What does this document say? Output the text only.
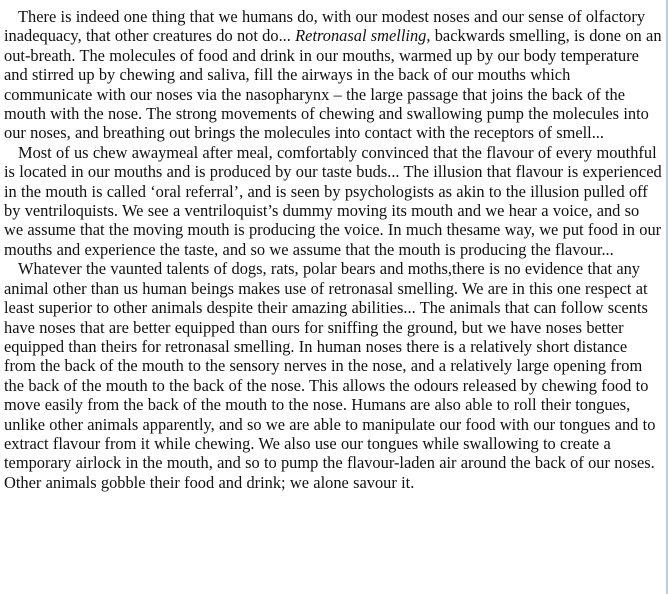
There is indeed one thing that we humans do, with our modest noses and our sense of olfactory inadequacy, that other creatures do not do... Retronasal smelling, backwards smelling, is done on an out-breath. The molecules of food and drink in our mouths, warmed up by our body temperature and stirred up by chewing and saliva, fill the airways in the back of our mouths which communicate with our noses via the nasopharynx – the large passage that joins the back of the mouth with the nose. The strong movements of chewing and swallowing pump the molecules into our noses, and breathing out brings the molecules into contact with the receptors of smell...

Most of us chew awaymeal after meal, comfortably convinced that the flavour of every mouthful is located in our mouths and is produced by our taste buds... The illusion that flavour is experienced in the mouth is called ‘oral referral’, and is seen by psychologists as akin to the illusion pulled off by ventriloquists. We see a ventriloquist’s dummy moving its mouth and we hear a voice, and so we assume that the moving mouth is producing the voice. In much thesame way, we put food in our mouths and experience the taste, and so we assume that the mouth is producing the flavour...

Whatever the vaunted talents of dogs, rats, polar bears and moths,there is no evidence that any animal other than us human beings makes use of retronasal smelling. We are in this one respect at least superior to other animals despite their amazing abilities... The animals that can follow scents have noses that are better equipped than ours for sniffing the ground, but we have noses better equipped than theirs for retronasal smelling. In human noses there is a relatively short distance from the back of the mouth to the sensory nerves in the nose, and a relatively large opening from the back of the mouth to the back of the nose. This allows the odours released by chewing food to move easily from the back of the mouth to the nose. Humans are also able to roll their tongues, unlike other animals apparently, and so we are able to manipulate our food with our tongues and to extract flavour from it while chewing. We also use our tongues while swallowing to create a temporary airlock in the mouth, and so to pump the flavour-laden air around the back of our noses. Other animals gobble their food and drink; we alone savour it.
